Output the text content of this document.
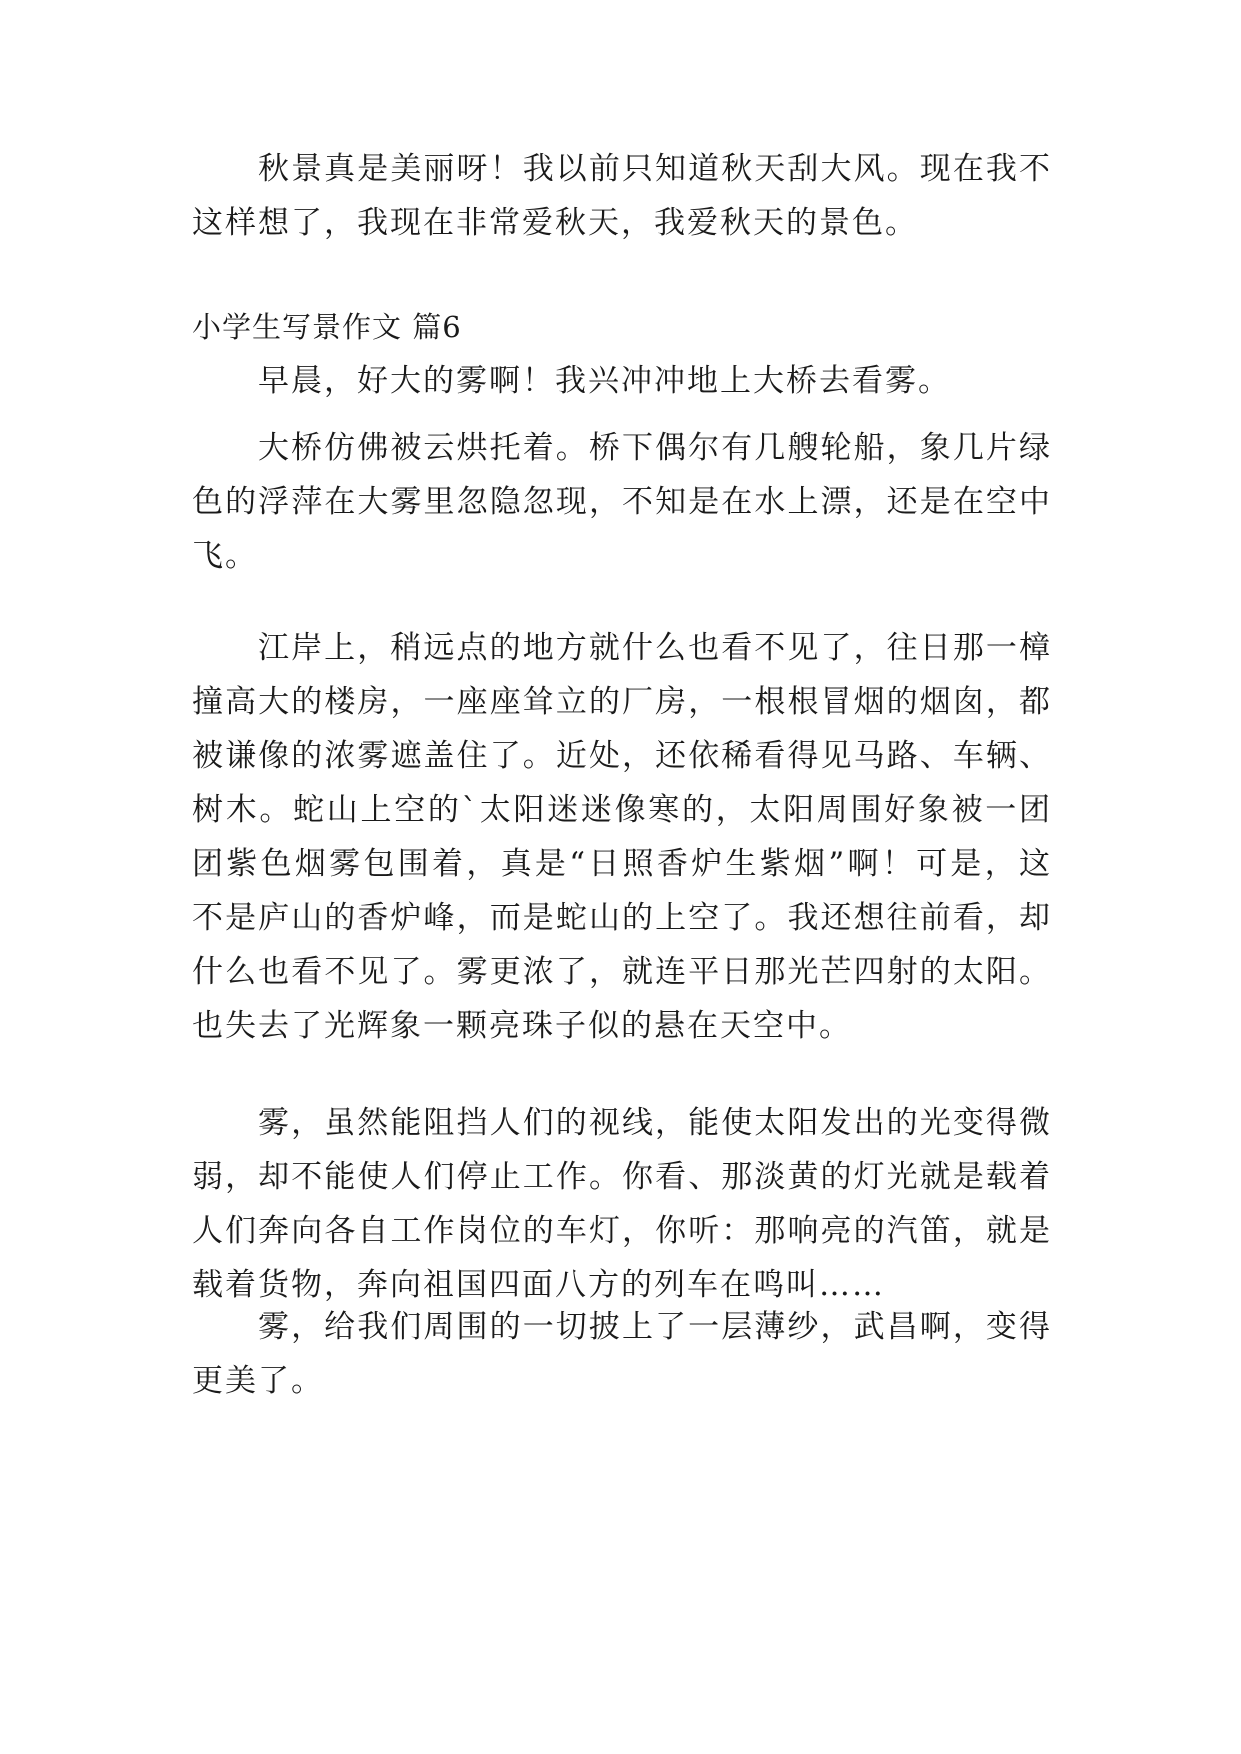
秋景真是美丽呀！我以前只知道秋天刮大风。现在我不这样想了，我现在非常爱秋天，我爱秋天的景色。

小学生写景作文 篇6

早晨，好大的雾啊！我兴冲冲地上大桥去看雾。

大桥仿佛被云烘托着。桥下偶尔有几艘轮船，象几片绿色的浮萍在大雾里忽隐忽现，不知是在水上漂，还是在空中飞。

江岸上，稍远点的地方就什么也看不见了，往日那一樟撞高大的楼房，一座座耸立的厂房，一根根冒烟的烟囱，都被谦像的浓雾遮盖住了。近处，还依稀看得见马路、车辆、树木。蛇山上空的`太阳迷迷像寒的，太阳周围好象被一团团紫色烟雾包围着，真是“日照香炉生紫烟”啊！可是，这不是庐山的香炉峰，而是蛇山的上空了。我还想往前看，却什么也看不见了。雾更浓了，就连平日那光芒四射的太阳。也失去了光辉象一颗亮珠子似的悬在天空中。

雾，虽然能阻挡人们的视线，能使太阳发出的光变得微弱，却不能使人们停止工作。你看、那淡黄的灯光就是载着人们奔向各自工作岗位的车灯，你听：那响亮的汽笛，就是载着货物，奔向祖国四面八方的列车在鸣叫……

雾，给我们周围的一切披上了一层薄纱，武昌啊，变得更美了。
